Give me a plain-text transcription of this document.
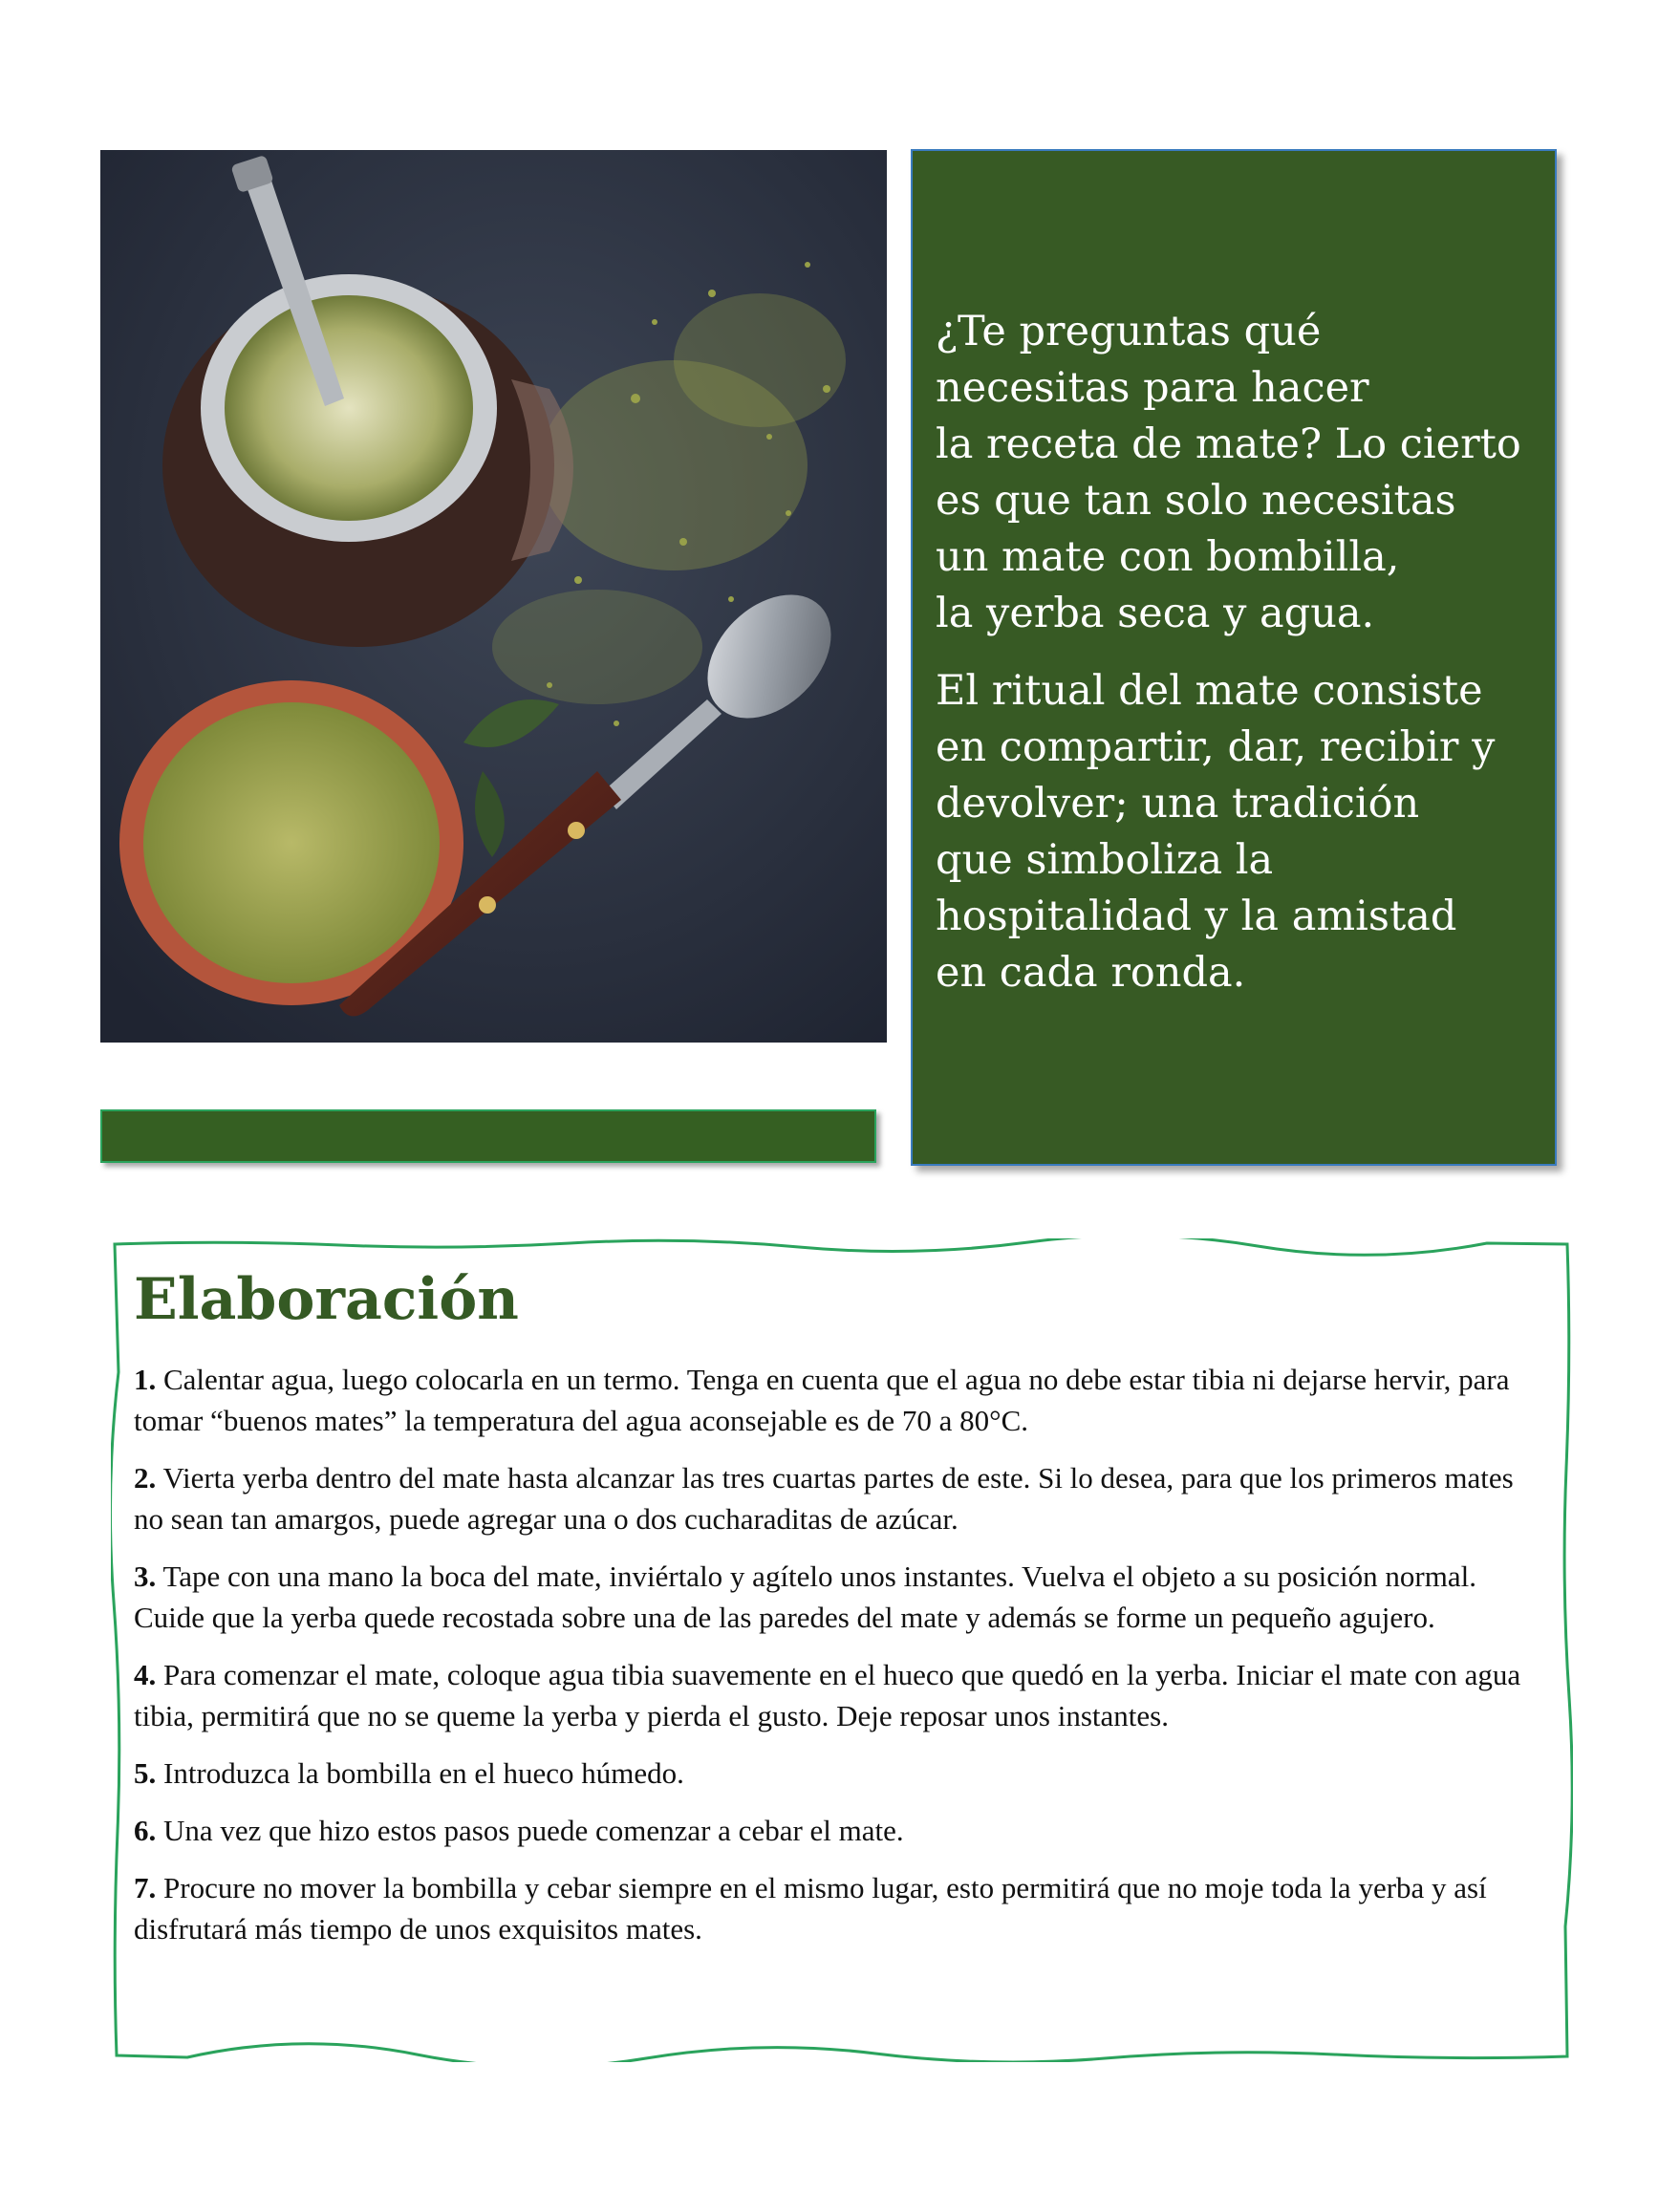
¿Te preguntas qué
necesitas para hacer
la receta de mate? Lo cierto
es que tan solo necesitas
un mate con bombilla,
la yerba seca y agua.

El ritual del mate consiste
en compartir, dar, recibir y
devolver; una tradición
que simboliza la
hospitalidad y la amistad
en cada ronda.

Elaboración

1. Calentar agua, luego colocarla en un termo. Tenga en cuenta que el agua no debe estar tibia ni dejarse hervir, para tomar “buenos mates” la temperatura del agua aconsejable es de 70 a 80°C.

2. Vierta yerba dentro del mate hasta alcanzar las tres cuartas partes de este. Si lo desea, para que los primeros mates no sean tan amargos, puede agregar una o dos cucharaditas de azúcar.

3. Tape con una mano la boca del mate, inviértalo y agítelo unos instantes. Vuelva el objeto a su posición normal. Cuide que la yerba quede recostada sobre una de las paredes del mate y además se forme un pequeño agujero.

4. Para comenzar el mate, coloque agua tibia suavemente en el hueco que quedó en la yerba. Iniciar el mate con agua tibia, permitirá que no se queme la yerba y pierda el gusto. Deje reposar unos instantes.

5. Introduzca la bombilla en el hueco húmedo.

6. Una vez que hizo estos pasos puede comenzar a cebar el mate.

7. Procure no mover la bombilla y cebar siempre en el mismo lugar, esto permitirá que no moje toda la yerba y así disfrutará más tiempo de unos exquisitos mates.
